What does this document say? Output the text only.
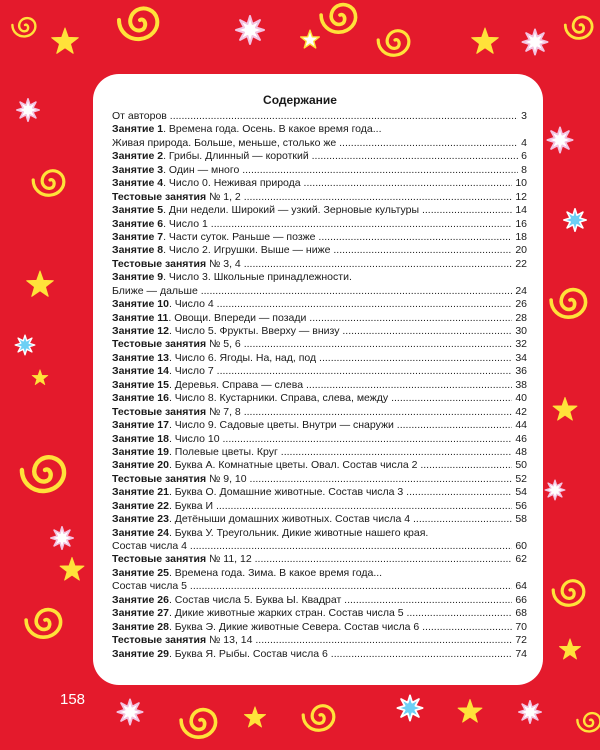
Содержание
От авторов .....	3
Занятие 1. Времена года. Осень. В какое время года...
Живая природа. Больше, меньше, столько же .....	4
Занятие 2. Грибы. Длинный — короткий .....	6
Занятие 3. Один — много .....	8
Занятие 4. Число 0. Неживая природа .....	10
Тестовые занятия № 1, 2 .....	12
Занятие 5. Дни недели. Широкий — узкий. Зерновые культуры .....	14
Занятие 6. Число 1 .....	16
Занятие 7. Части суток. Раньше — позже .....	18
Занятие 8. Число 2. Игрушки. Выше — ниже .....	20
Тестовые занятия № 3, 4 .....	22
Занятие 9. Число 3. Школьные принадлежности.
Ближе — дальше .....	24
Занятие 10. Число 4 .....	26
Занятие 11. Овощи. Впереди — позади .....	28
Занятие 12. Число 5. Фрукты. Вверху — внизу .....	30
Тестовые занятия № 5, 6 .....	32
Занятие 13. Число 6. Ягоды. На, над, под .....	34
Занятие 14. Число 7 .....	36
Занятие 15. Деревья. Справа — слева .....	38
Занятие 16. Число 8. Кустарники. Справа, слева, между .....	40
Тестовые занятия № 7, 8 .....	42
Занятие 17. Число 9. Садовые цветы. Внутри — снаружи .....	44
Занятие 18. Число 10 .....	46
Занятие 19. Полевые цветы. Круг .....	48
Занятие 20. Буква А. Комнатные цветы. Овал. Состав числа 2 .....	50
Тестовые занятия № 9, 10 .....	52
Занятие 21. Буква О. Домашние животные. Состав числа 3 .....	54
Занятие 22. Буква И .....	56
Занятие 23. Детёныши домашних животных. Состав числа 4 .....	58
Занятие 24. Буква У. Треугольник. Дикие животные нашего края.
Состав числа 4 .....	60
Тестовые занятия № 11, 12 .....	62
Занятие 25. Времена года. Зима. В какое время года...
Состав числа 5 .....	64
Занятие 26. Состав числа 5. Буква Ы. Квадрат .....	66
Занятие 27. Дикие животные жарких стран. Состав числа 5 .....	68
Занятие 28. Буква Э. Дикие животные Севера. Состав числа 6 .....	70
Тестовые занятия № 13, 14 .....	72
Занятие 29. Буква Я. Рыбы. Состав числа 6 .....	74

158
